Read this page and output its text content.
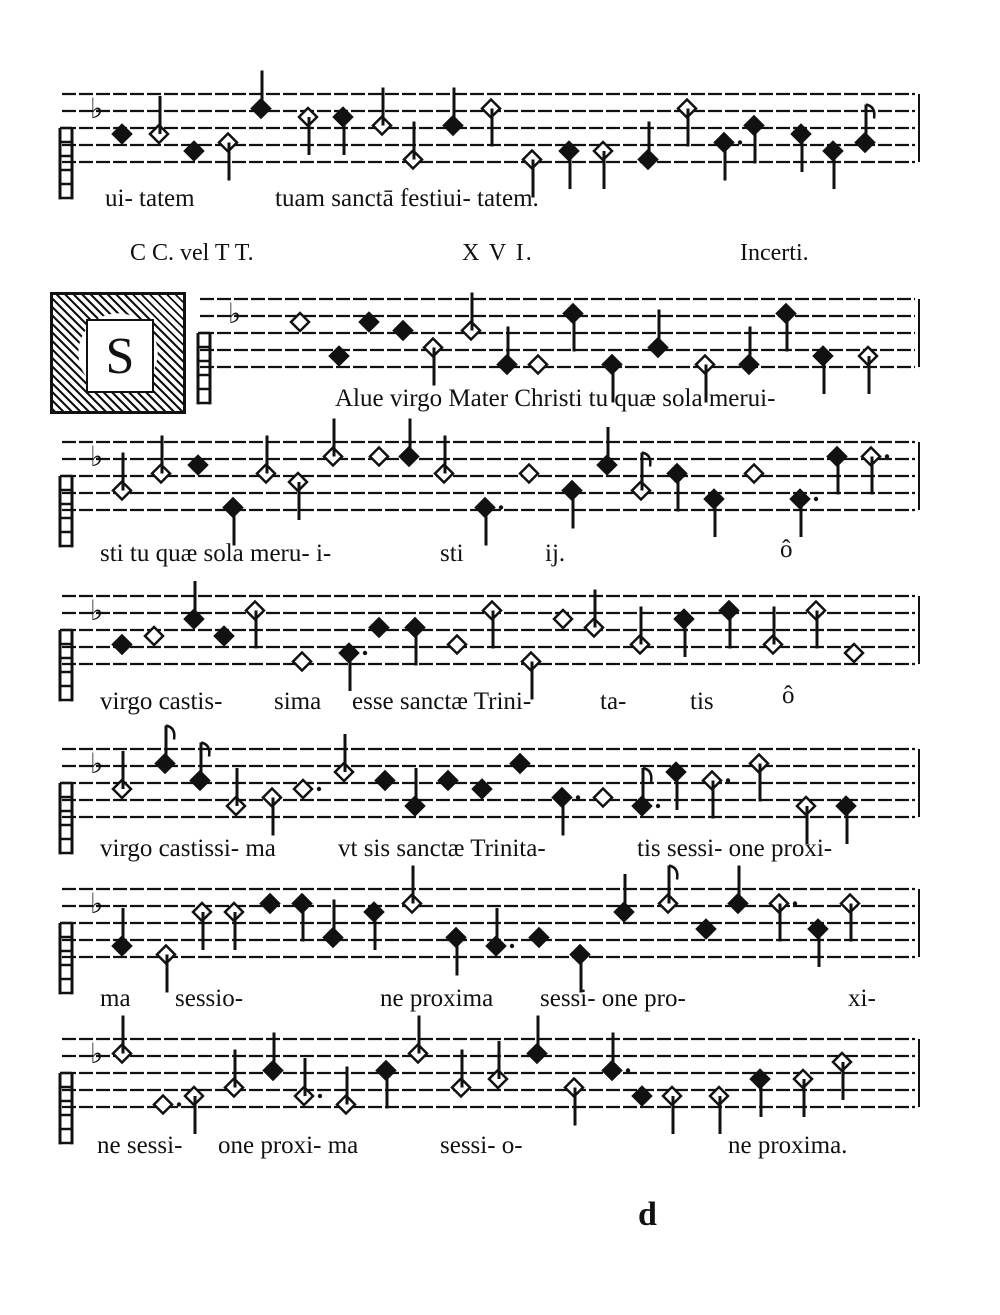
♭
ui- tatem	tuam sanctā festiui- tatem.
C C. vel T T.	X V I.	Incerti.
S
♭
Alue virgo Mater Christi tu quæ sola merui-
♭
sti tu quæ sola meru- i-	sti	ij.	ô
♭
virgo castis- sima esse sanctæ Trini-	ta-	tis	ô
♭
virgo castissi- ma vt sis sanctæ Trinita-	tis sessi- one proxi-
♭
ma sessio-	ne proxima sessi- one pro-	xi-
♭
ne sessi- one proxi- ma	sessi- o-	ne proxima.
d
